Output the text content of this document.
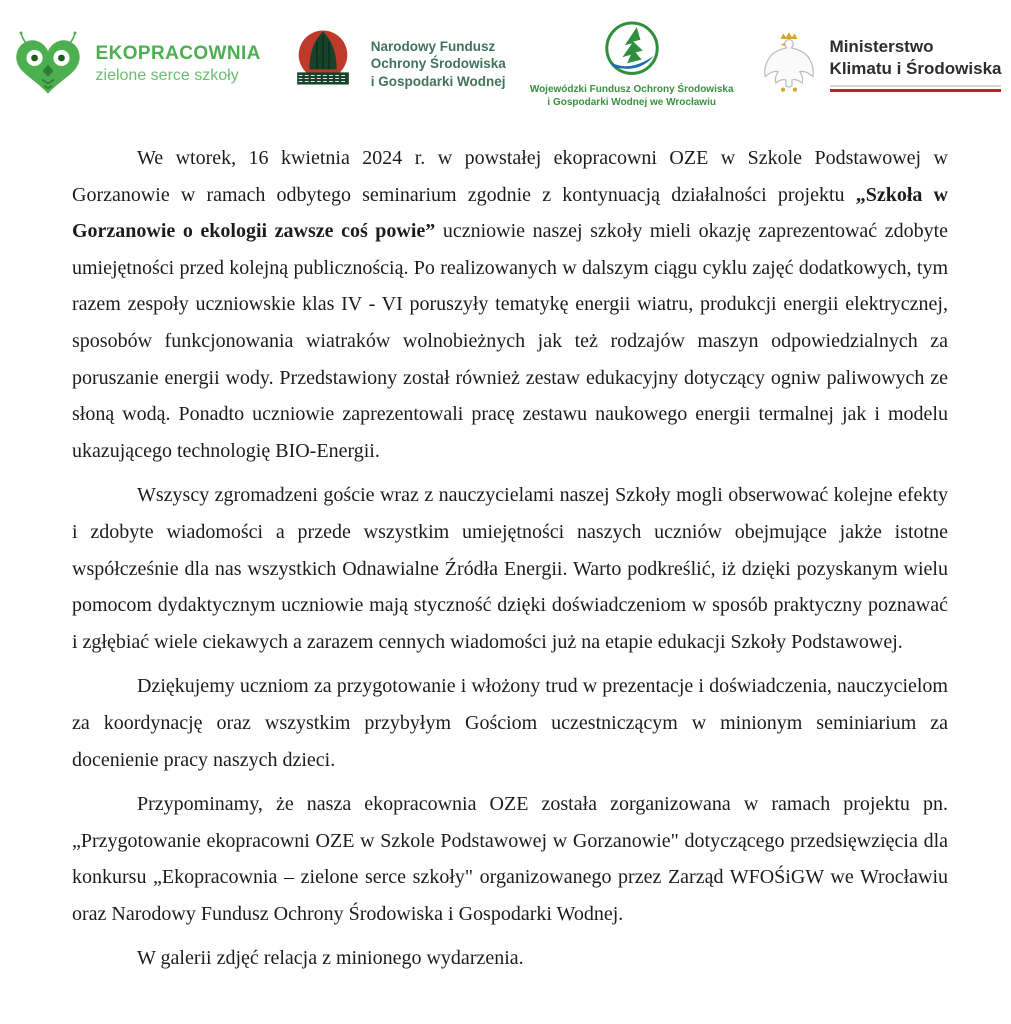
EKOPRACOWNIA
zielone serce szkoły
Narodowy Fundusz
Ochrony Środowiska
i Gospodarki Wodnej
Wojewódzki Fundusz Ochrony Środowiska
i Gospodarki Wodnej we Wrocławiu
Ministerstwo
Klimatu i Środowiska

We wtorek, 16 kwietnia 2024 r. w powstałej ekopracowni OZE w Szkole Podstawowej w Gorzanowie w ramach odbytego seminarium zgodnie z kontynuacją działalności projektu „Szkoła w Gorzanowie o ekologii zawsze coś powie” uczniowie naszej szkoły mieli okazję zaprezentować zdobyte umiejętności przed kolejną publicznością. Po realizowanych w dalszym ciągu cyklu zajęć dodatkowych, tym razem zespoły uczniowskie klas IV - VI poruszyły tematykę energii wiatru, produkcji energii elektrycznej, sposobów funkcjonowania wiatraków wolnobieżnych jak też rodzajów maszyn odpowiedzialnych za poruszanie energii wody. Przedstawiony został również zestaw edukacyjny dotyczący ogniw paliwowych ze słoną wodą. Ponadto uczniowie zaprezentowali pracę zestawu naukowego energii termalnej jak i modelu ukazującego technologię BIO-Energii.

Wszyscy zgromadzeni goście wraz z nauczycielami naszej Szkoły mogli obserwować kolejne efekty i zdobyte wiadomości a przede wszystkim umiejętności naszych uczniów obejmujące jakże istotne współcześnie dla nas wszystkich Odnawialne Źródła Energii. Warto podkreślić, iż dzięki pozyskanym wielu pomocom dydaktycznym uczniowie mają styczność dzięki doświadczeniom w sposób praktyczny poznawać i zgłębiać wiele ciekawych a zarazem cennych wiadomości już na etapie edukacji Szkoły Podstawowej.

Dziękujemy uczniom za przygotowanie i włożony trud w prezentacje i doświadczenia, nauczycielom za koordynację oraz wszystkim przybyłym Gościom uczestniczącym w minionym seminiarium za docenienie pracy naszych dzieci.

Przypominamy, że nasza ekopracownia OZE została zorganizowana w ramach projektu pn. „Przygotowanie ekopracowni OZE w Szkole Podstawowej w Gorzanowie" dotyczącego przedsięwzięcia dla konkursu „Ekopracownia – zielone serce szkoły" organizowanego przez Zarząd WFOŚiGW we Wrocławiu oraz Narodowy Fundusz Ochrony Środowiska i Gospodarki Wodnej.

W galerii zdjęć relacja z minionego wydarzenia.
